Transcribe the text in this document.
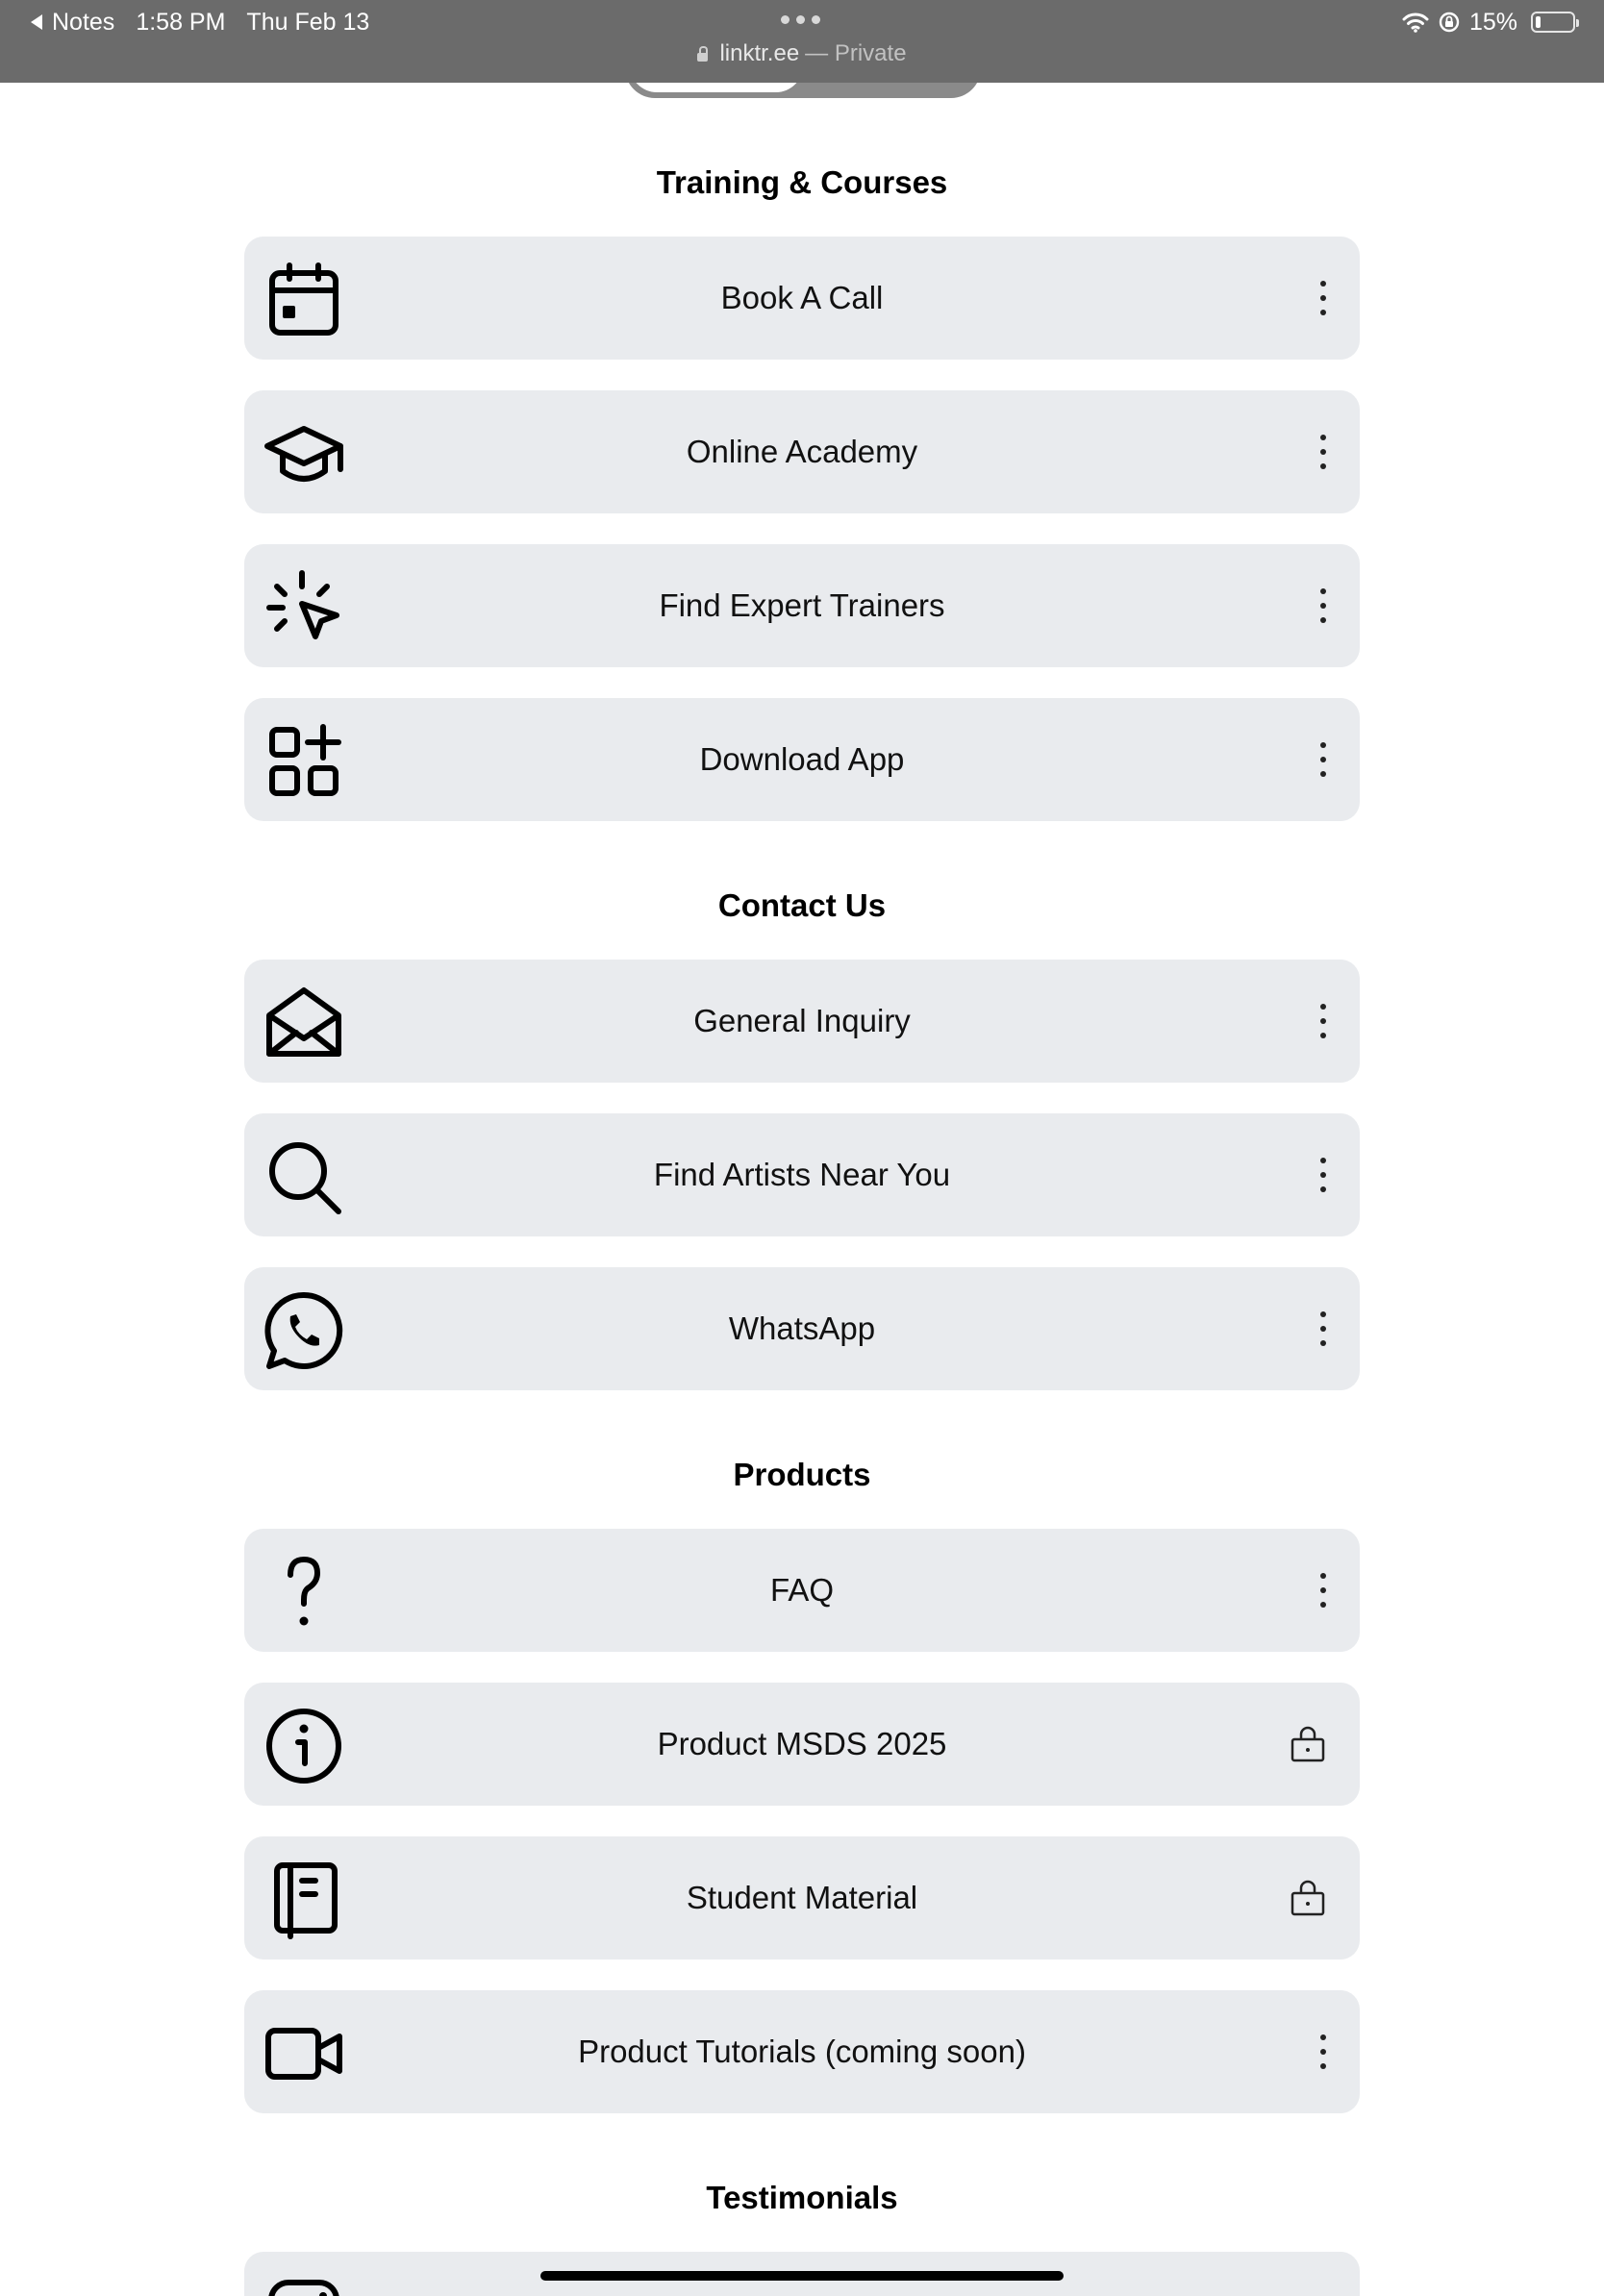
Notes 1:58 PM Thu Feb 13	15%
linktr.ee — Private
Training & Courses
Book A Call
Online Academy
Find Expert Trainers
Download App
Contact Us
General Inquiry
Find Artists Near You
WhatsApp
Products
FAQ
Product MSDS 2025
Student Material
Product Tutorials (coming soon)
Testimonials
